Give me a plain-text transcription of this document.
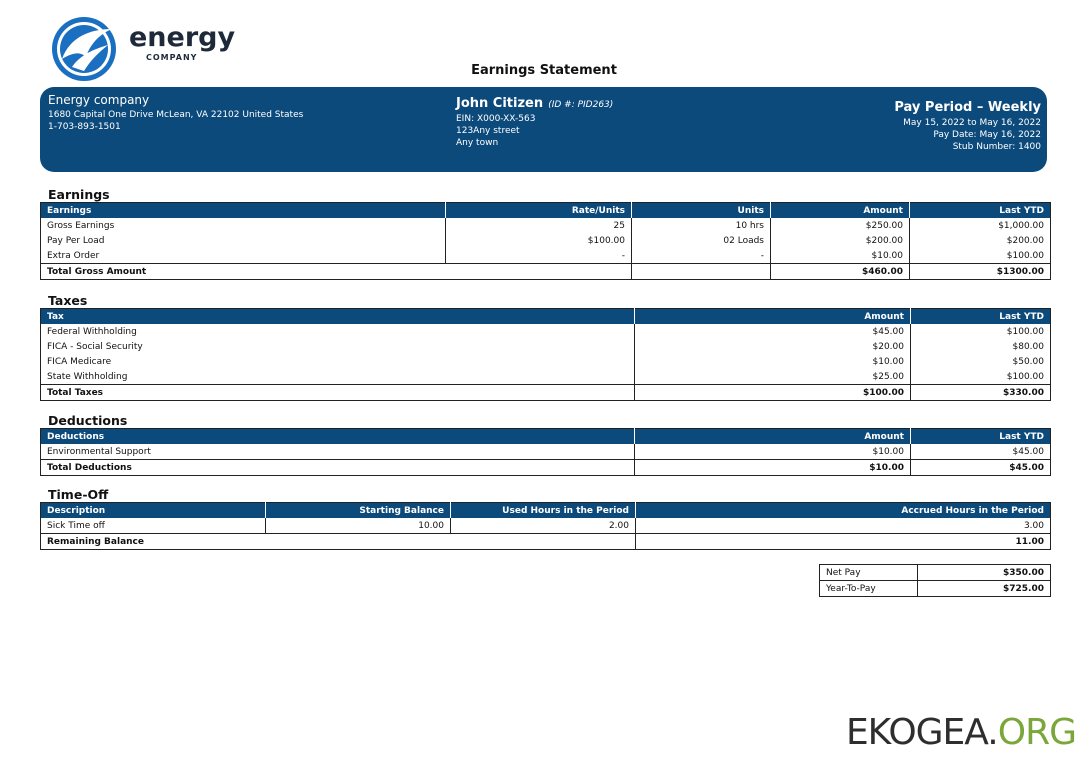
energy
COMPANY
Earnings Statement
Energy company
1680 Capital One Drive McLean, VA 22102 United States
1-703-893-1501
John Citizen (ID #: PID263)
EIN: X000-XX-563
123Any street
Any town
Pay Period – Weekly
May 15, 2022 to May 16, 2022
Pay Date: May 16, 2022
Stub Number: 1400
Earnings
Earnings	Rate/Units	Units	Amount	Last YTD
Gross Earnings	25	10 hrs	$250.00	$1,000.00
Pay Per Load	$100.00	02 Loads	$200.00	$200.00
Extra Order	-	-	$10.00	$100.00
Total Gross Amount			$460.00	$1300.00
Taxes
Tax	Amount	Last YTD
Federal Withholding	$45.00	$100.00
FICA - Social Security	$20.00	$80.00
FICA Medicare	$10.00	$50.00
State Withholding	$25.00	$100.00
Total Taxes	$100.00	$330.00
Deductions
Deductions	Amount	Last YTD
Environmental Support	$10.00	$45.00
Total Deductions	$10.00	$45.00
Time-Off
Description	Starting Balance	Used Hours in the Period	Accrued Hours in the Period
Sick Time off	10.00	2.00	3.00
Remaining Balance			11.00
Net Pay	$350.00
Year-To-Pay	$725.00
EKOGEA.ORG
